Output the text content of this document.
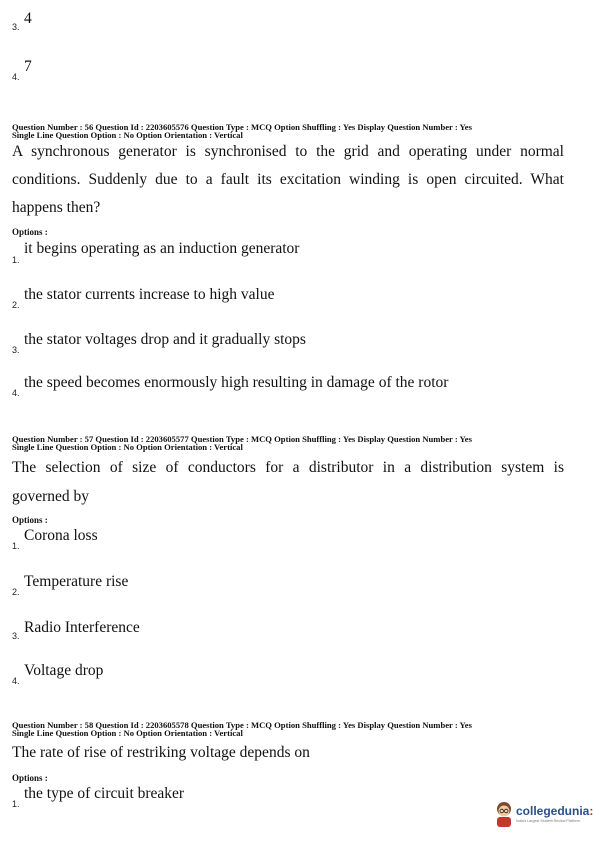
3. 4
4.
7
Question Number : 56 Question Id : 2203605576 Question Type : MCQ Option Shuffling : Yes Display Question Number : Yes
Single Line Question Option : No Option Orientation : Vertical
A synchronous generator is synchronised to the grid and operating under normal
conditions. Suddenly due to a fault its excitation winding is open circuited. What
happens then?
Options :
1.
it begins operating as an induction generator
2.
the stator currents increase to high value
3.
the stator voltages drop and it gradually stops
4.
the speed becomes enormously high resulting in damage of the rotor
Question Number : 57 Question Id : 2203605577 Question Type : MCQ Option Shuffling : Yes Display Question Number : Yes
Single Line Question Option : No Option Orientation : Vertical
The selection of size of conductors for a distributor in a distribution system is
governed by
Options :
1.
Corona loss
2.
Temperature rise
3. Radio Interference
4.
Voltage drop
Question Number : 58 Question Id : 2203605578 Question Type : MCQ Option Shuffling : Yes Display Question Number : Yes
Single Line Question Option : No Option Orientation : Vertical
The rate of rise of restriking voltage depends on
Options :
1.
the type of circuit breaker
collegedunia:
India's Largest Student Review Platform
